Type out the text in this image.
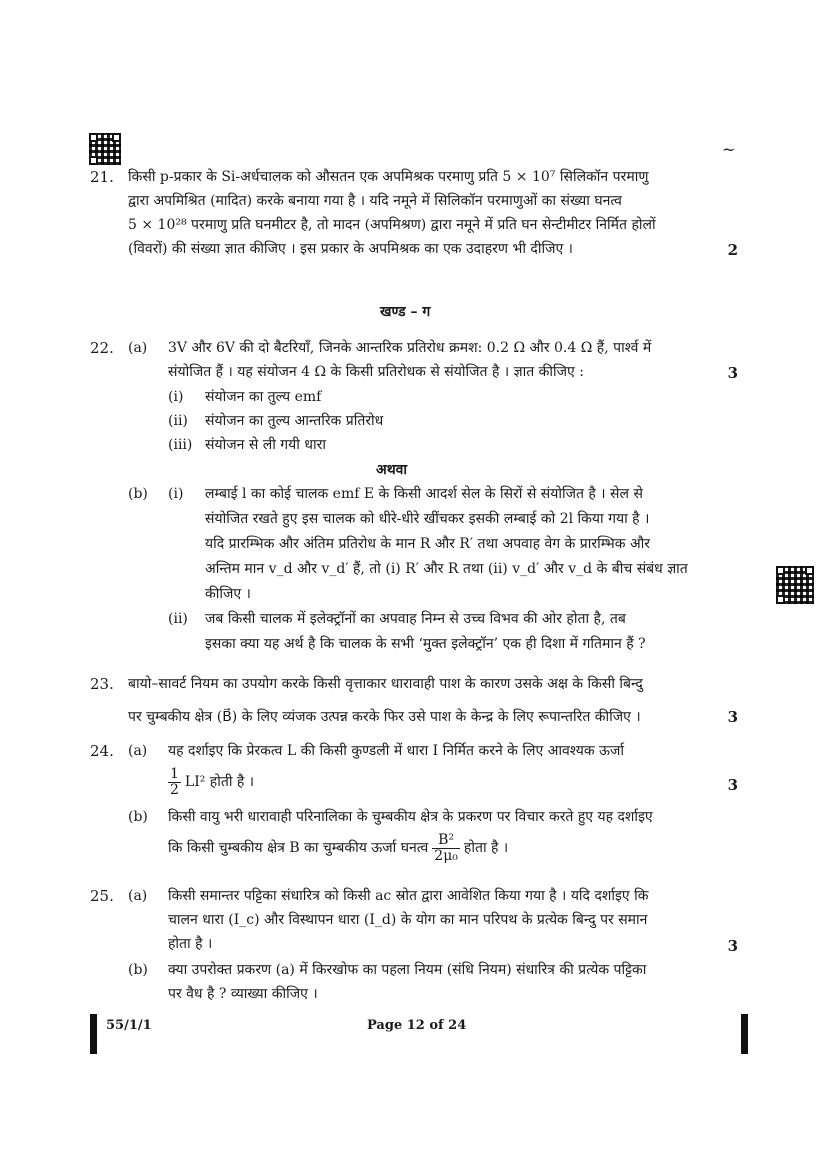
~
21. किसी p-प्रकार के Si-अर्धचालक को औसतन एक अपमिश्रक परमाणु प्रति 5 × 10⁷ सिलिकॉन परमाणु
द्वारा अपमिश्रित (मादित) करके बनाया गया है । यदि नमूने में सिलिकॉन परमाणुओं का संख्या घनत्व
5 × 10²⁸ परमाणु प्रति घनमीटर है, तो मादन (अपमिश्रण) द्वारा नमूने में प्रति घन सेन्टीमीटर निर्मित होलों
(विवरों) की संख्या ज्ञात कीजिए । इस प्रकार के अपमिश्रक का एक उदाहरण भी दीजिए ।	2
खण्ड – ग
22. (a) 3V और 6V की दो बैटरियाँ, जिनके आन्तरिक प्रतिरोध क्रमश: 0.2 Ω और 0.4 Ω हैं, पार्श्व में
संयोजित हैं । यह संयोजन 4 Ω के किसी प्रतिरोधक से संयोजित है । ज्ञात कीजिए :	3
(i) संयोजन का तुल्य emf
(ii) संयोजन का तुल्य आन्तरिक प्रतिरोध
(iii) संयोजन से ली गयी धारा
अथवा
(b) (i) लम्बाई l का कोई चालक emf E के किसी आदर्श सेल के सिरों से संयोजित है । सेल से
संयोजित रखते हुए इस चालक को धीरे-धीरे खींचकर इसकी लम्बाई को 2l किया गया है ।
यदि प्रारम्भिक और अंतिम प्रतिरोध के मान R और R′ तथा अपवाह वेग के प्रारम्भिक और
अन्तिम मान v_d और v_d′ हैं, तो (i) R′ और R तथा (ii) v_d′ और v_d के बीच संबंध ज्ञात
कीजिए ।
(ii) जब किसी चालक में इलेक्ट्रॉनों का अपवाह निम्न से उच्च विभव की ओर होता है, तब
इसका क्या यह अर्थ है कि चालक के सभी ‘मुक्त इलेक्ट्रॉन’ एक ही दिशा में गतिमान हैं ?
23. बायो–सावर्ट नियम का उपयोग करके किसी वृत्ताकार धारावाही पाश के कारण उसके अक्ष के किसी बिन्दु
पर चुम्बकीय क्षेत्र (B⃗) के लिए व्यंजक उत्पन्न करके फिर उसे पाश के केन्द्र के लिए रूपान्तरित कीजिए ।	3
24. (a) यह दर्शाइए कि प्रेरकत्व L की किसी कुण्डली में धारा I निर्मित करने के लिए आवश्यक ऊर्जा
$\frac{1}{2} LI^2$ होती है ।	3
(b) किसी वायु भरी धारावाही परिनालिका के चुम्बकीय क्षेत्र के प्रकरण पर विचार करते हुए यह दर्शाइए
कि किसी चुम्बकीय क्षेत्र B का चुम्बकीय ऊर्जा घनत्व $\frac{\text{B²}}{\text{2μ₀}}$ होता है ।
25. (a) किसी समान्तर पट्टिका संधारित्र को किसी ac स्रोत द्वारा आवेशित किया गया है । यदि दर्शाइए कि
चालन धारा (I_c) और विस्थापन धारा (I_d) के योग का मान परिपथ के प्रत्येक बिन्दु पर समान
होता है ।	3
(b) क्या उपरोक्त प्रकरण (a) में किरखोफ का पहला नियम (संधि नियम) संधारित्र की प्रत्येक पट्टिका
पर वैध है ? व्याख्या कीजिए ।
55/1/1	Page 12 of 24
